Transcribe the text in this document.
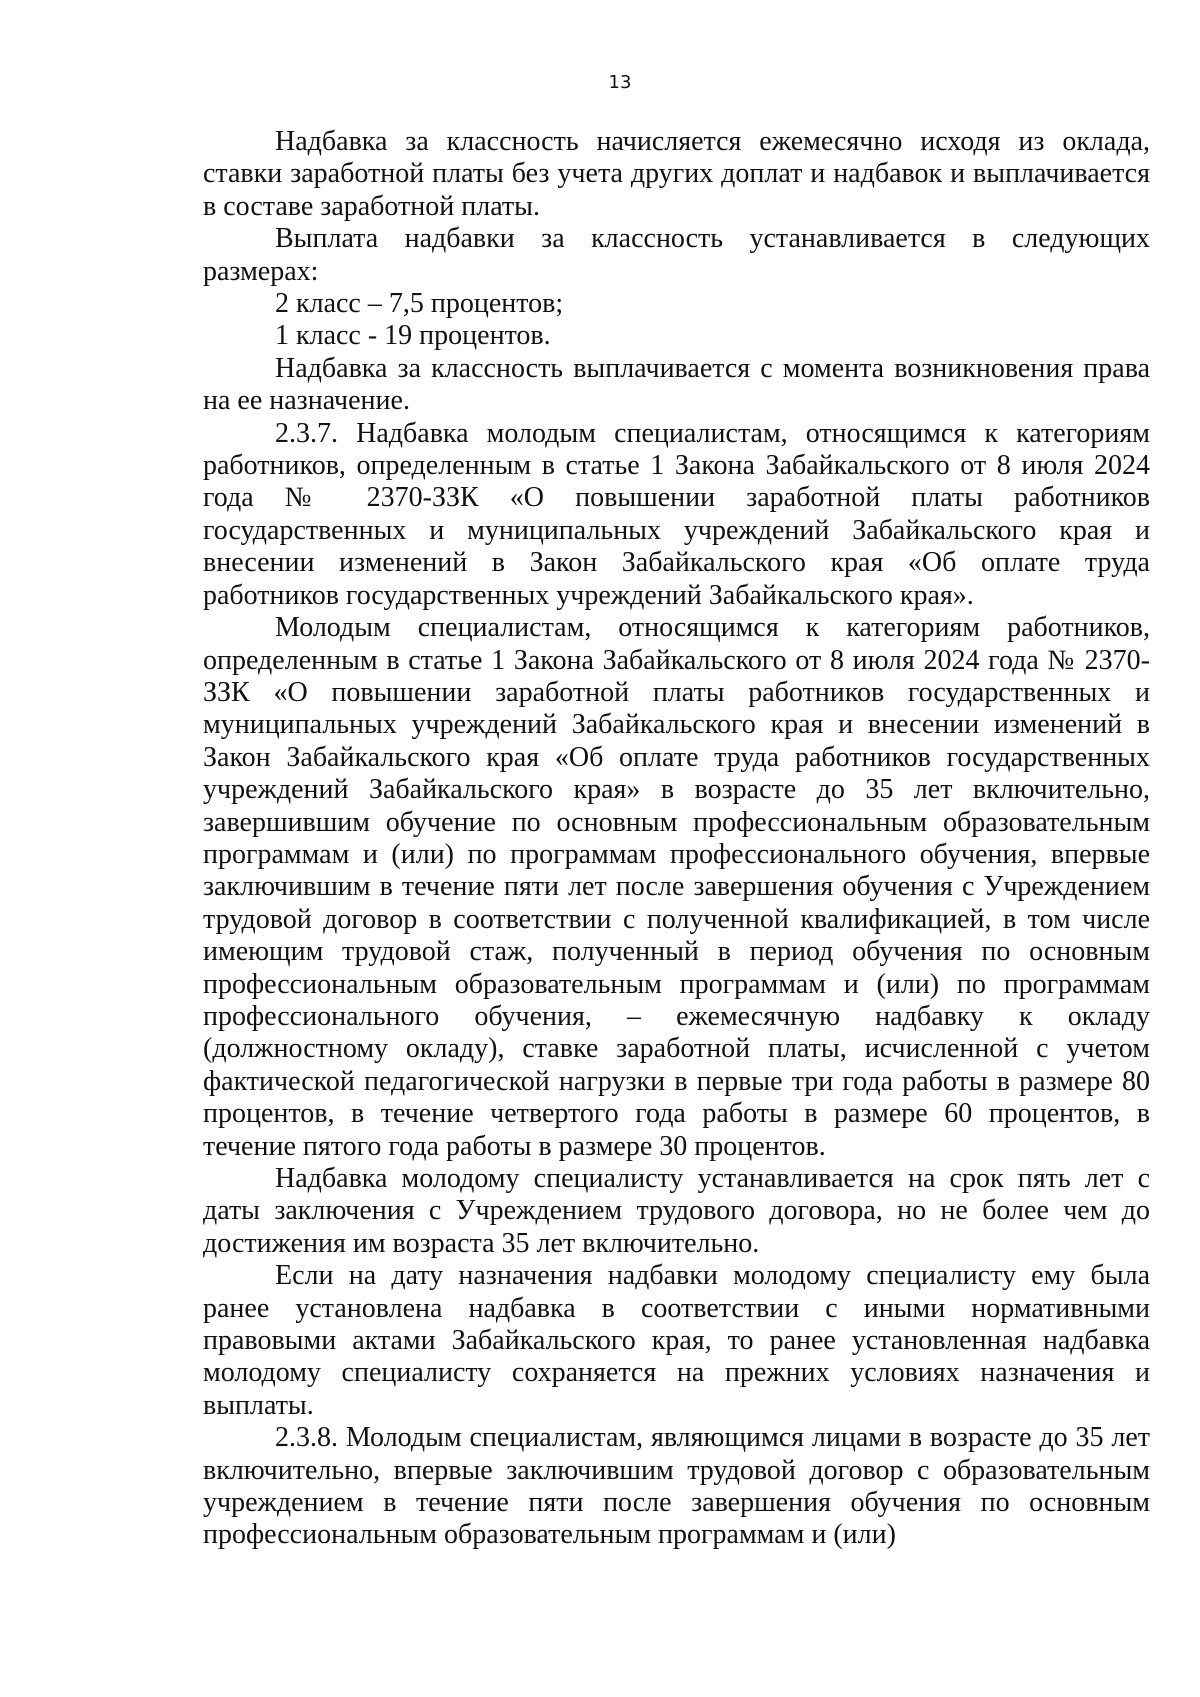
13

Надбавка за классность начисляется ежемесячно исходя из оклада, ставки заработной платы без учета других доплат и надбавок и выплачивается в составе заработной платы.

Выплата надбавки за классность устанавливается в следующих размерах:

2 класс – 7,5 процентов;

1 класс - 19 процентов.

Надбавка за классность выплачивается с момента возникновения права на ее назначение.

2.3.7. Надбавка молодым специалистам, относящимся к категориям работников, определенным в статье 1 Закона Забайкальского от 8 июля 2024 года № 2370-ЗЗК «О повышении заработной платы работников государственных и муниципальных учреждений Забайкальского края и внесении изменений в Закон Забайкальского края «Об оплате труда работников государственных учреждений Забайкальского края».

Молодым специалистам, относящимся к категориям работников, определенным в статье 1 Закона Забайкальского от 8 июля 2024 года № 2370-ЗЗК «О повышении заработной платы работников государственных и муниципальных учреждений Забайкальского края и внесении изменений в Закон Забайкальского края «Об оплате труда работников государственных учреждений Забайкальского края» в возрасте до 35 лет включительно, завершившим обучение по основным профессиональным образовательным программам и (или) по программам профессионального обучения, впервые заключившим в течение пяти лет после завершения обучения с Учреждением трудовой договор в соответствии с полученной квалификацией, в том числе имеющим трудовой стаж, полученный в период обучения по основным профессиональным образовательным программам и (или) по программам профессионального обучения, – ежемесячную надбавку к окладу (должностному окладу), ставке заработной платы, исчисленной с учетом фактической педагогической нагрузки в первые три года работы в размере 80 процентов, в течение четвертого года работы в размере 60 процентов, в течение пятого года работы в размере 30 процентов.

Надбавка молодому специалисту устанавливается на срок пять лет с даты заключения с Учреждением трудового договора, но не более чем до достижения им возраста 35 лет включительно.

Если на дату назначения надбавки молодому специалисту ему была ранее установлена надбавка в соответствии с иными нормативными правовыми актами Забайкальского края, то ранее установленная надбавка молодому специалисту сохраняется на прежних условиях назначения и выплаты.

2.3.8. Молодым специалистам, являющимся лицами в возрасте до 35 лет включительно, впервые заключившим трудовой договор с образовательным учреждением в течение пяти после завершения обучения по основным профессиональным образовательным программам и (или)
